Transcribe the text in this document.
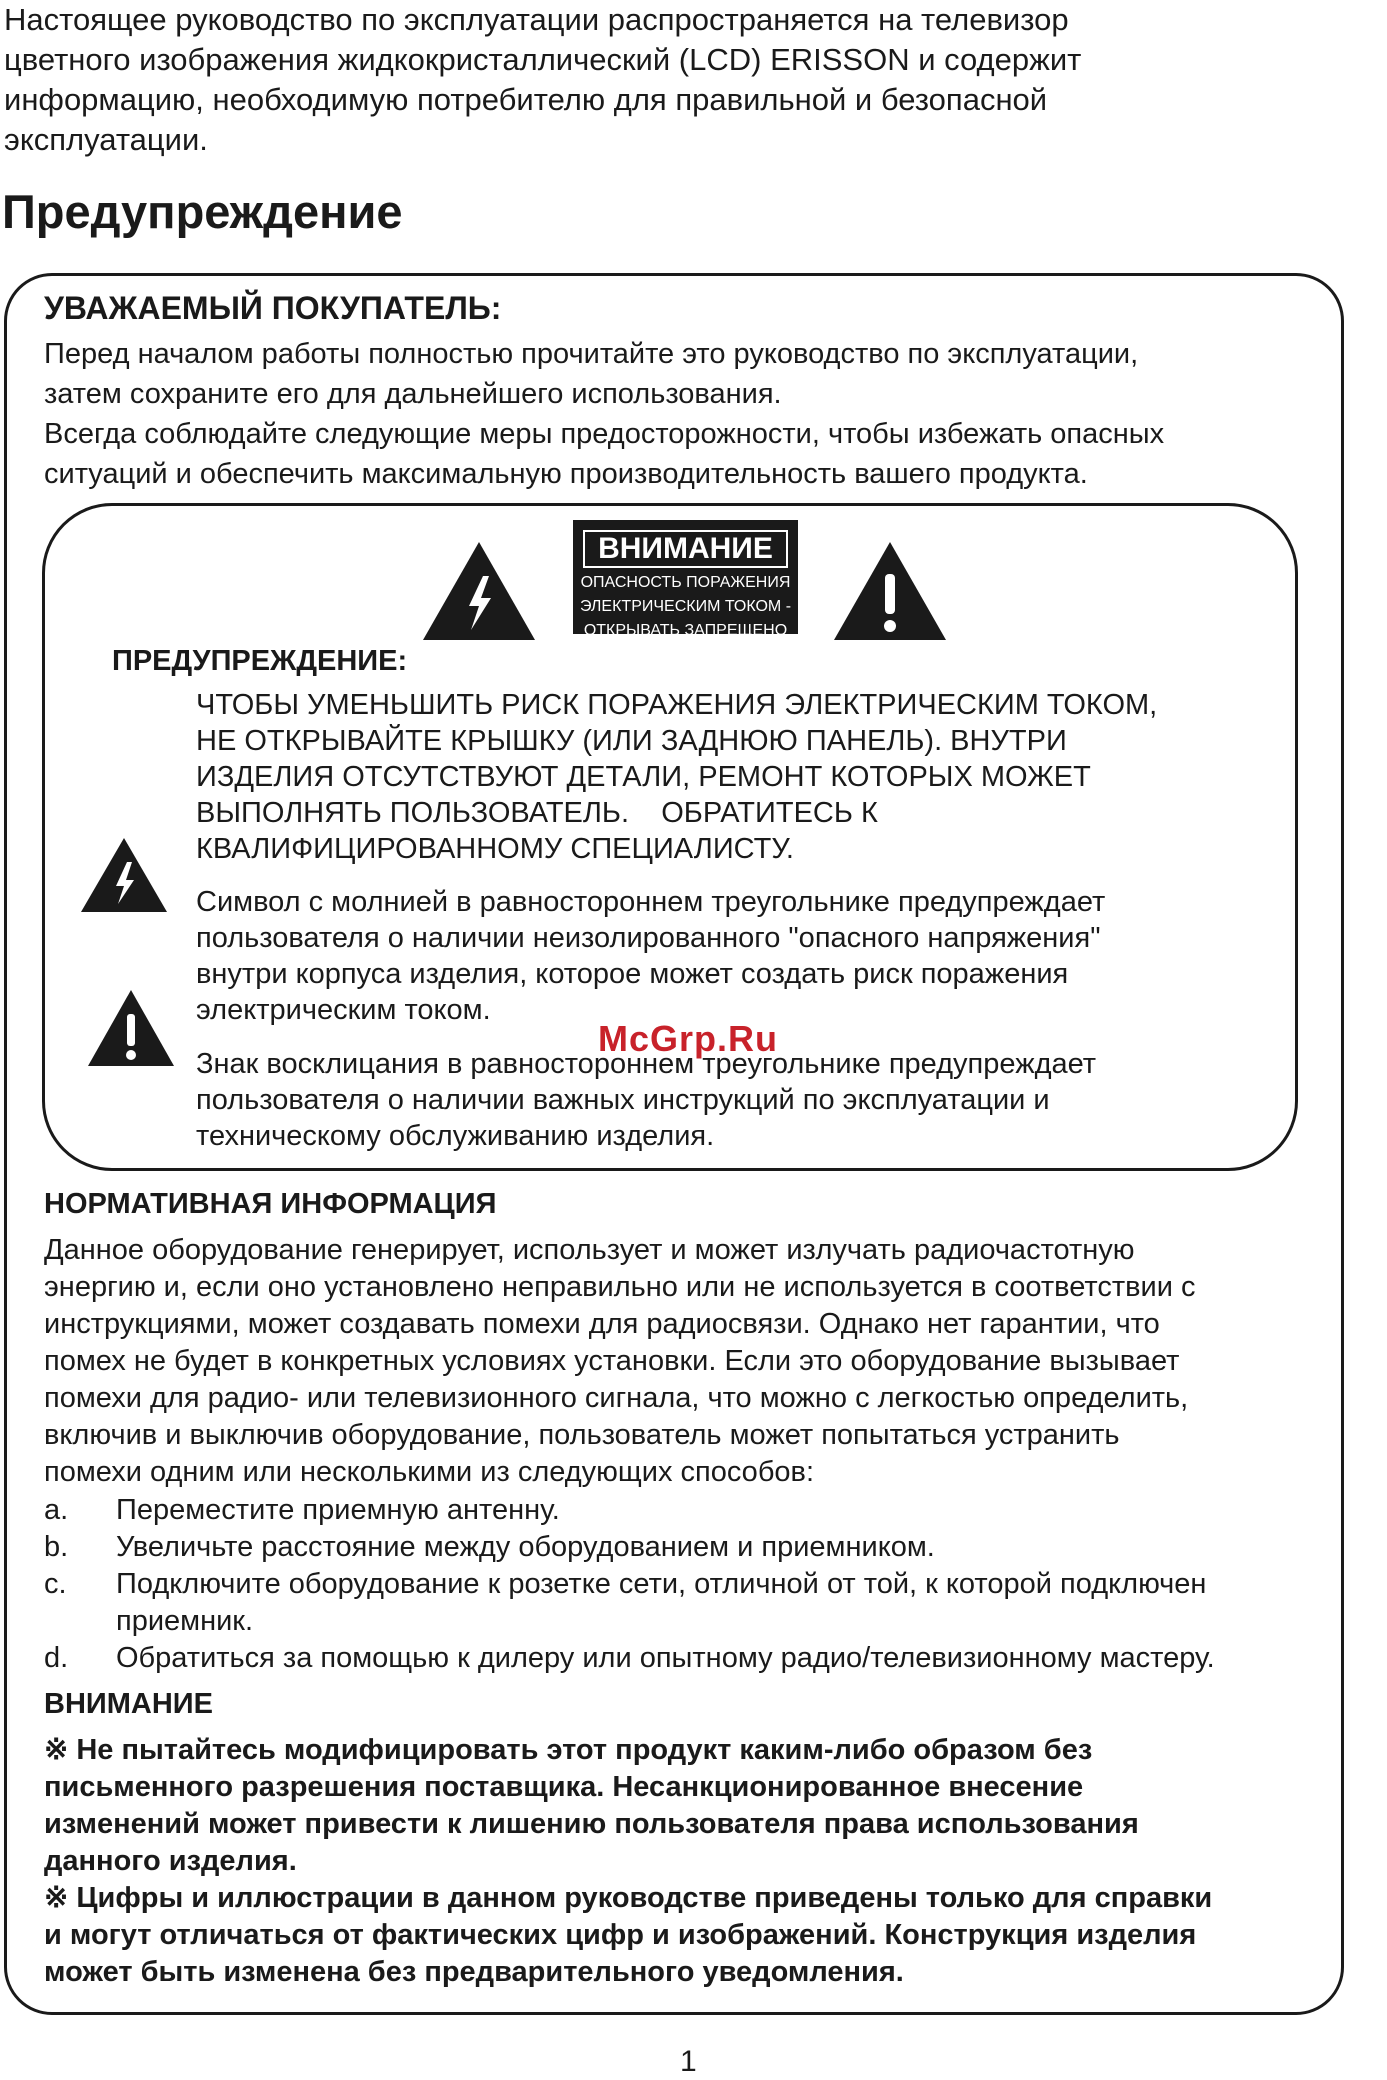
Настоящее руководство по эксплуатации распространяется на телевизор

цветного изображения жидкокристаллический (LCD) ERISSON и содержит

информацию, необходимую потребителю для правильной и безопасной

эксплуатации.

Предупреждение
УВАЖАЕМЫЙ ПОКУПАТЕЛЬ:

Перед началом работы полностью прочитайте это руководство по эксплуатации,

затем сохраните его для дальнейшего использования.

Всегда соблюдайте следующие меры предосторожности, чтобы избежать опасных

ситуаций и обеспечить максимальную производительность вашего продукта.

ВНИМАНИЕ
ОПАСНОСТЬ ПОРАЖЕНИЯ
ЭЛЕКТРИЧЕСКИМ ТОКОМ -
ОТКРЫВАТЬ ЗАПРЕЩЕНО
ПРЕДУПРЕЖДЕНИЕ:

ЧТОБЫ УМЕНЬШИТЬ РИСК ПОРАЖЕНИЯ ЭЛЕКТРИЧЕСКИМ ТОКОМ,

НЕ ОТКРЫВАЙТЕ КРЫШКУ (ИЛИ ЗАДНЮЮ ПАНЕЛЬ). ВНУТРИ

ИЗДЕЛИЯ ОТСУТСТВУЮТ ДЕТАЛИ, РЕМОНТ КОТОРЫХ МОЖЕТ

ВЫПОЛНЯТЬ ПОЛЬЗОВАТЕЛЬ.    ОБРАТИТЕСЬ К

КВАЛИФИЦИРОВАННОМУ СПЕЦИАЛИСТУ.

Символ с молнией в равностороннем треугольнике предупреждает

пользователя о наличии неизолированного "опасного напряжения"

внутри корпуса изделия, которое может создать риск поражения

электрическим током.

Знак восклицания в равностороннем треугольнике предупреждает

пользователя о наличии важных инструкций по эксплуатации и

техническому обслуживанию изделия.

McGrp.Ru
НОРМАТИВНАЯ ИНФОРМАЦИЯ

Данное оборудование генерирует, использует и может излучать радиочастотную

энергию и, если оно установлено неправильно или не используется в соответствии с

инструкциями, может создавать помехи для радиосвязи. Однако нет гарантии, что

помех не будет в конкретных условиях установки. Если это оборудование вызывает

помехи для радио- или телевизионного сигнала, что можно с легкостью определить,

включив и выключив оборудование, пользователь может попытаться устранить

помехи одним или несколькими из следующих способов:

a.	Переместите приемную антенну.
b.	Увеличьте расстояние между оборудованием и приемником.
c.	Подключите оборудование к розетке сети, отличной от той, к которой подключен приемник.
d.	Обратиться за помощью к дилеру или опытному радио/телевизионному мастеру.
ВНИМАНИЕ

※ Не пытайтесь модифицировать этот продукт каким-либо образом без

письменного разрешения поставщика. Несанкционированное внесение

изменений может привести к лишению пользователя права использования

данного изделия.

※ Цифры и иллюстрации в данном руководстве приведены только для справки

и могут отличаться от фактических цифр и изображений. Конструкция изделия

может быть изменена без предварительного уведомления.

1
